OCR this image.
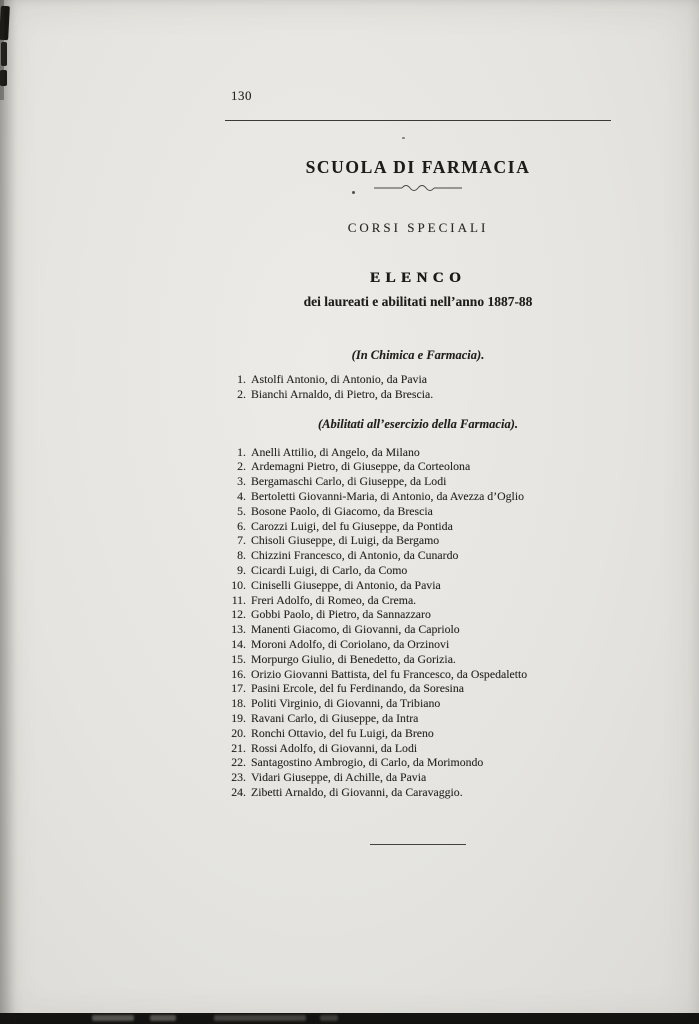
130
SCUOLA DI FARMACIA
CORSI SPECIALI
ELENCO
dei laureati e abilitati nell’anno 1887-88
(In Chimica e Farmacia).
1. Astolfi Antonio, di Antonio, da Pavia
2. Bianchi Arnaldo, di Pietro, da Brescia.
(Abilitati all’esercizio della Farmacia).
1. Anelli Attilio, di Angelo, da Milano
2. Ardemagni Pietro, di Giuseppe, da Corteolona
3. Bergamaschi Carlo, di Giuseppe, da Lodi
4. Bertoletti Giovanni-Maria, di Antonio, da Avezza d’Oglio
5. Bosone Paolo, di Giacomo, da Brescia
6. Carozzi Luigi, del fu Giuseppe, da Pontida
7. Chisoli Giuseppe, di Luigi, da Bergamo
8. Chizzini Francesco, di Antonio, da Cunardo
9. Cicardi Luigi, di Carlo, da Como
10. Ciniselli Giuseppe, di Antonio, da Pavia
11. Freri Adolfo, di Romeo, da Crema.
12. Gobbi Paolo, di Pietro, da Sannazzaro
13. Manenti Giacomo, di Giovanni, da Capriolo
14. Moroni Adolfo, di Coriolano, da Orzinovi
15. Morpurgo Giulio, di Benedetto, da Gorizia.
16. Orizio Giovanni Battista, del fu Francesco, da Ospedaletto
17. Pasini Ercole, del fu Ferdinando, da Soresina
18. Politi Virginio, di Giovanni, da Tribiano
19. Ravani Carlo, di Giuseppe, da Intra
20. Ronchi Ottavio, del fu Luigi, da Breno
21. Rossi Adolfo, di Giovanni, da Lodi
22. Santagostino Ambrogio, di Carlo, da Morimondo
23. Vidari Giuseppe, di Achille, da Pavia
24. Zibetti Arnaldo, di Giovanni, da Caravaggio.
